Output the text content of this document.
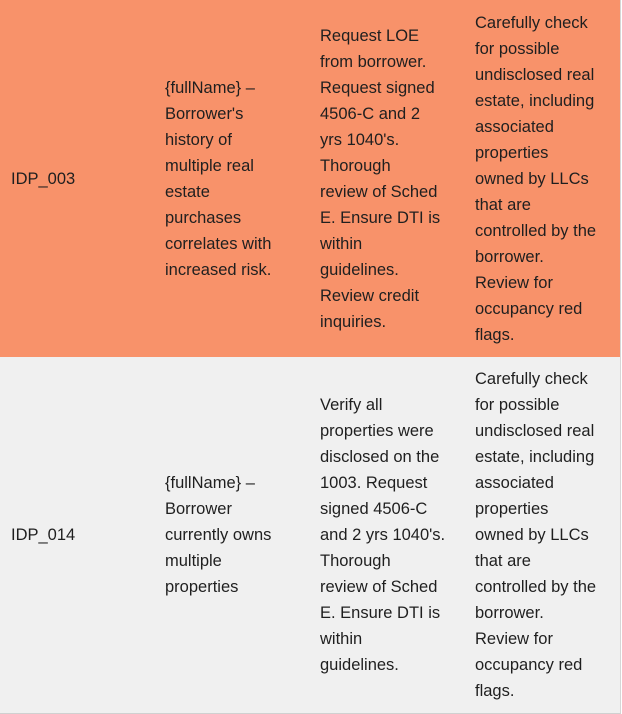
IDP_003
{fullName} –
Borrower's
history of
multiple real
estate
purchases
correlates with
increased risk.
Request LOE
from borrower.
Request signed
4506-C and 2
yrs 1040's.
Thorough
review of Sched
E. Ensure DTI is
within
guidelines.
Review credit
inquiries.
Carefully check
for possible
undisclosed real
estate, including
associated
properties
owned by LLCs
that are
controlled by the
borrower.
Review for
occupancy red
flags.
IDP_014
{fullName} –
Borrower
currently owns
multiple
properties
Verify all
properties were
disclosed on the
1003. Request
signed 4506-C
and 2 yrs 1040's.
Thorough
review of Sched
E. Ensure DTI is
within
guidelines.
Carefully check
for possible
undisclosed real
estate, including
associated
properties
owned by LLCs
that are
controlled by the
borrower.
Review for
occupancy red
flags.
